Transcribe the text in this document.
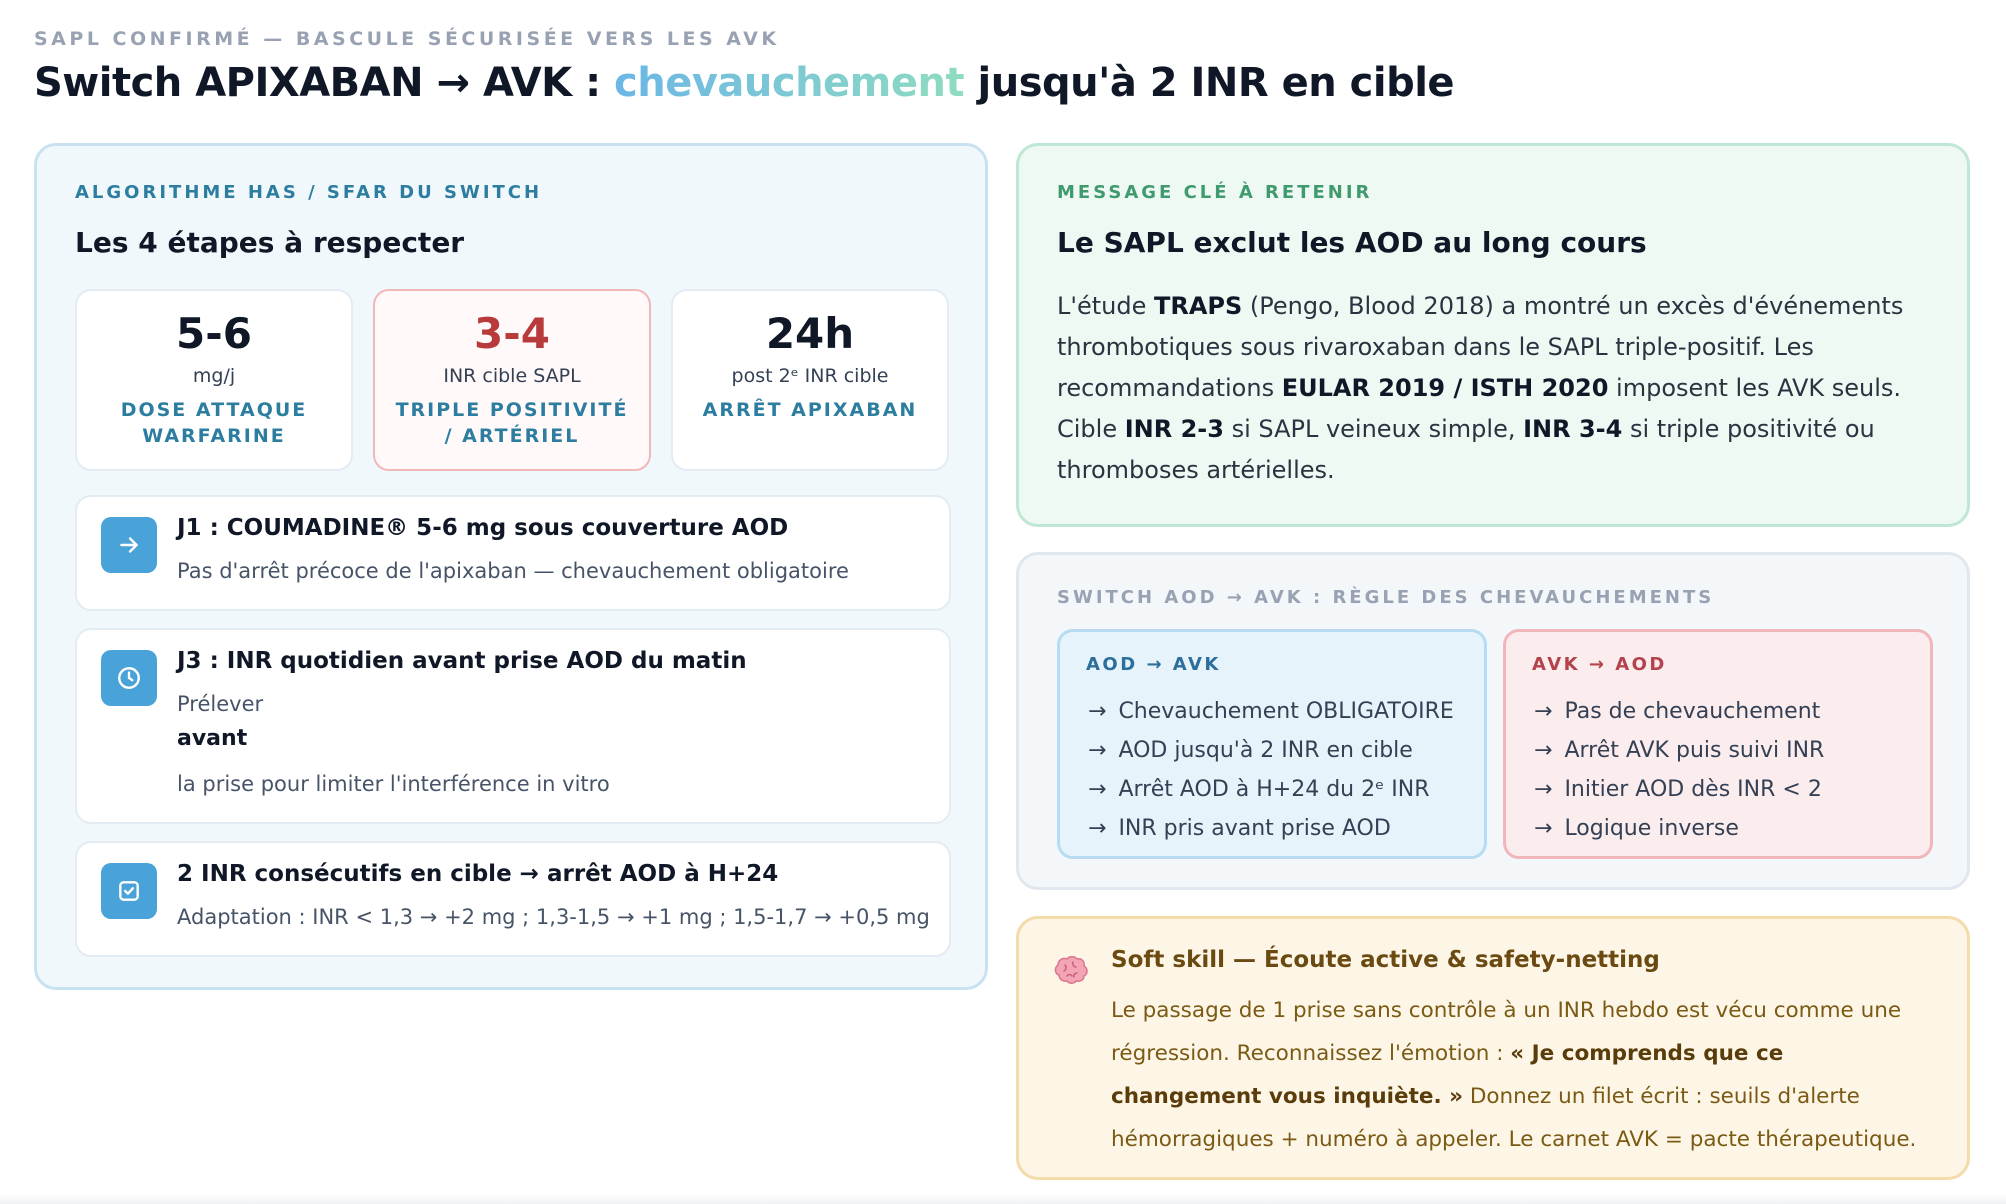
SAPL CONFIRMÉ — BASCULE SÉCURISÉE VERS LES AVK
Switch APIXABAN → AVK : chevauchement jusqu'à 2 INR en cible
ALGORITHME HAS / SFAR DU SWITCH
Les 4 étapes à respecter
5-6
mg/j
DOSE ATTAQUE WARFARINE
3-4
INR cible SAPL
TRIPLE POSITIVITÉ / ARTÉRIEL
24h
post 2ᵉ INR cible
ARRÊT APIXABAN
J1 : COUMADINE® 5-6 mg sous couverture AOD
Pas d'arrêt précoce de l'apixaban — chevauchement obligatoire
J3 : INR quotidien avant prise AOD du matin
Prélever
avant
la prise pour limiter l'interférence in vitro
2 INR consécutifs en cible → arrêt AOD à H+24
Adaptation : INR < 1,3 → +2 mg ; 1,3-1,5 → +1 mg ; 1,5-1,7 → +0,5 mg
MESSAGE CLÉ À RETENIR
Le SAPL exclut les AOD au long cours

L'étude TRAPS (Pengo, Blood 2018) a montré un excès d'événements thrombotiques sous rivaroxaban dans le SAPL triple-positif. Les recommandations EULAR 2019 / ISTH 2020 imposent les AVK seuls. Cible INR 2-3 si SAPL veineux simple, INR 3-4 si triple positivité ou thromboses artérielles.

SWITCH AOD → AVK : RÈGLE DES CHEVAUCHEMENTS
AOD → AVK
→ Chevauchement OBLIGATOIRE
→ AOD jusqu'à 2 INR en cible
→ Arrêt AOD à H+24 du 2ᵉ INR
→ INR pris avant prise AOD
AVK → AOD
→ Pas de chevauchement
→ Arrêt AVK puis suivi INR
→ Initier AOD dès INR < 2
→ Logique inverse
Soft skill — Écoute active & safety-netting

Le passage de 1 prise sans contrôle à un INR hebdo est vécu comme une régression. Reconnaissez l'émotion : « Je comprends que ce changement vous inquiète. » Donnez un filet écrit : seuils d'alerte hémorragiques + numéro à appeler. Le carnet AVK = pacte thérapeutique.
